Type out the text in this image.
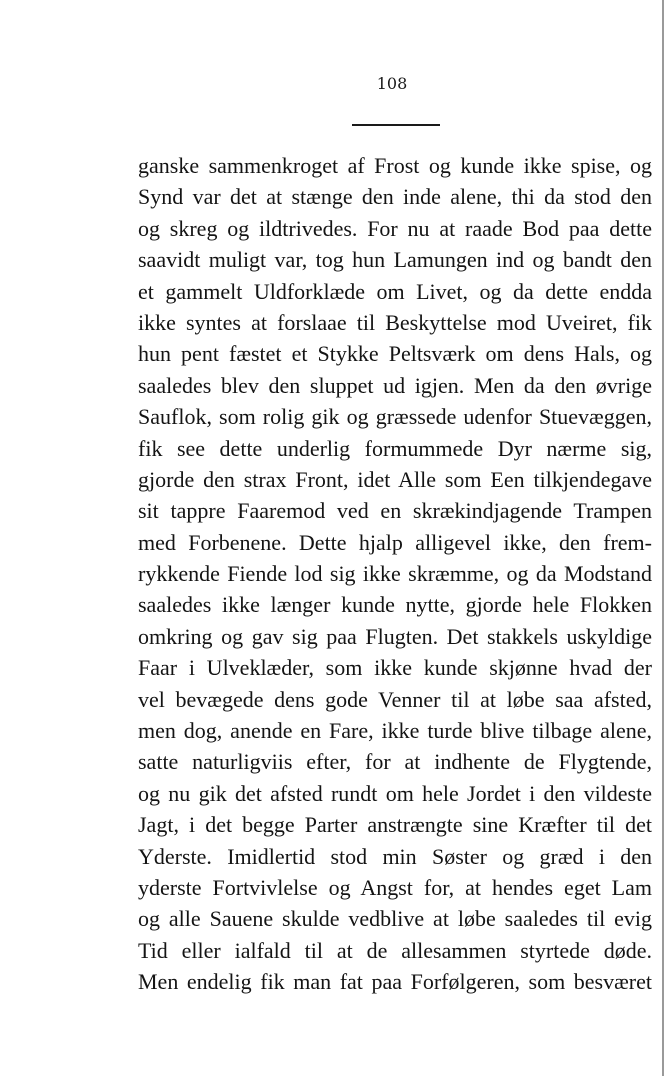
108
ganske sammenkroget af Frost og kunde ikke spise, og
Synd var det at stænge den inde alene, thi da stod den
og skreg og ildtrivedes. For nu at raade Bod paa dette
saavidt muligt var, tog hun Lamungen ind og bandt den
et gammelt Uldforklæde om Livet, og da dette endda
ikke syntes at forslaae til Beskyttelse mod Uveiret, fik
hun pent fæstet et Stykke Peltsværk om dens Hals, og
saaledes blev den sluppet ud igjen. Men da den øvrige
Sauflok, som rolig gik og græssede udenfor Stuevæggen,
fik see dette underlig formummede Dyr nærme sig,
gjorde den strax Front, idet Alle som Een tilkjendegave
sit tappre Faaremod ved en skrækindjagende Trampen
med Forbenene. Dette hjalp alligevel ikke, den frem-
rykkende Fiende lod sig ikke skræmme, og da Modstand
saaledes ikke længer kunde nytte, gjorde hele Flokken
omkring og gav sig paa Flugten. Det stakkels uskyldige
Faar i Ulveklæder, som ikke kunde skjønne hvad der
vel bevægede dens gode Venner til at løbe saa afsted,
men dog, anende en Fare, ikke turde blive tilbage alene,
satte naturligviis efter, for at indhente de Flygtende,
og nu gik det afsted rundt om hele Jordet i den vildeste
Jagt, i det begge Parter anstrængte sine Kræfter til det
Yderste. Imidlertid stod min Søster og græd i den
yderste Fortvivlelse og Angst for, at hendes eget Lam
og alle Sauene skulde vedblive at løbe saaledes til evig
Tid eller ialfald til at de allesammen styrtede døde.
Men endelig fik man fat paa Forfølgeren, som besværet
